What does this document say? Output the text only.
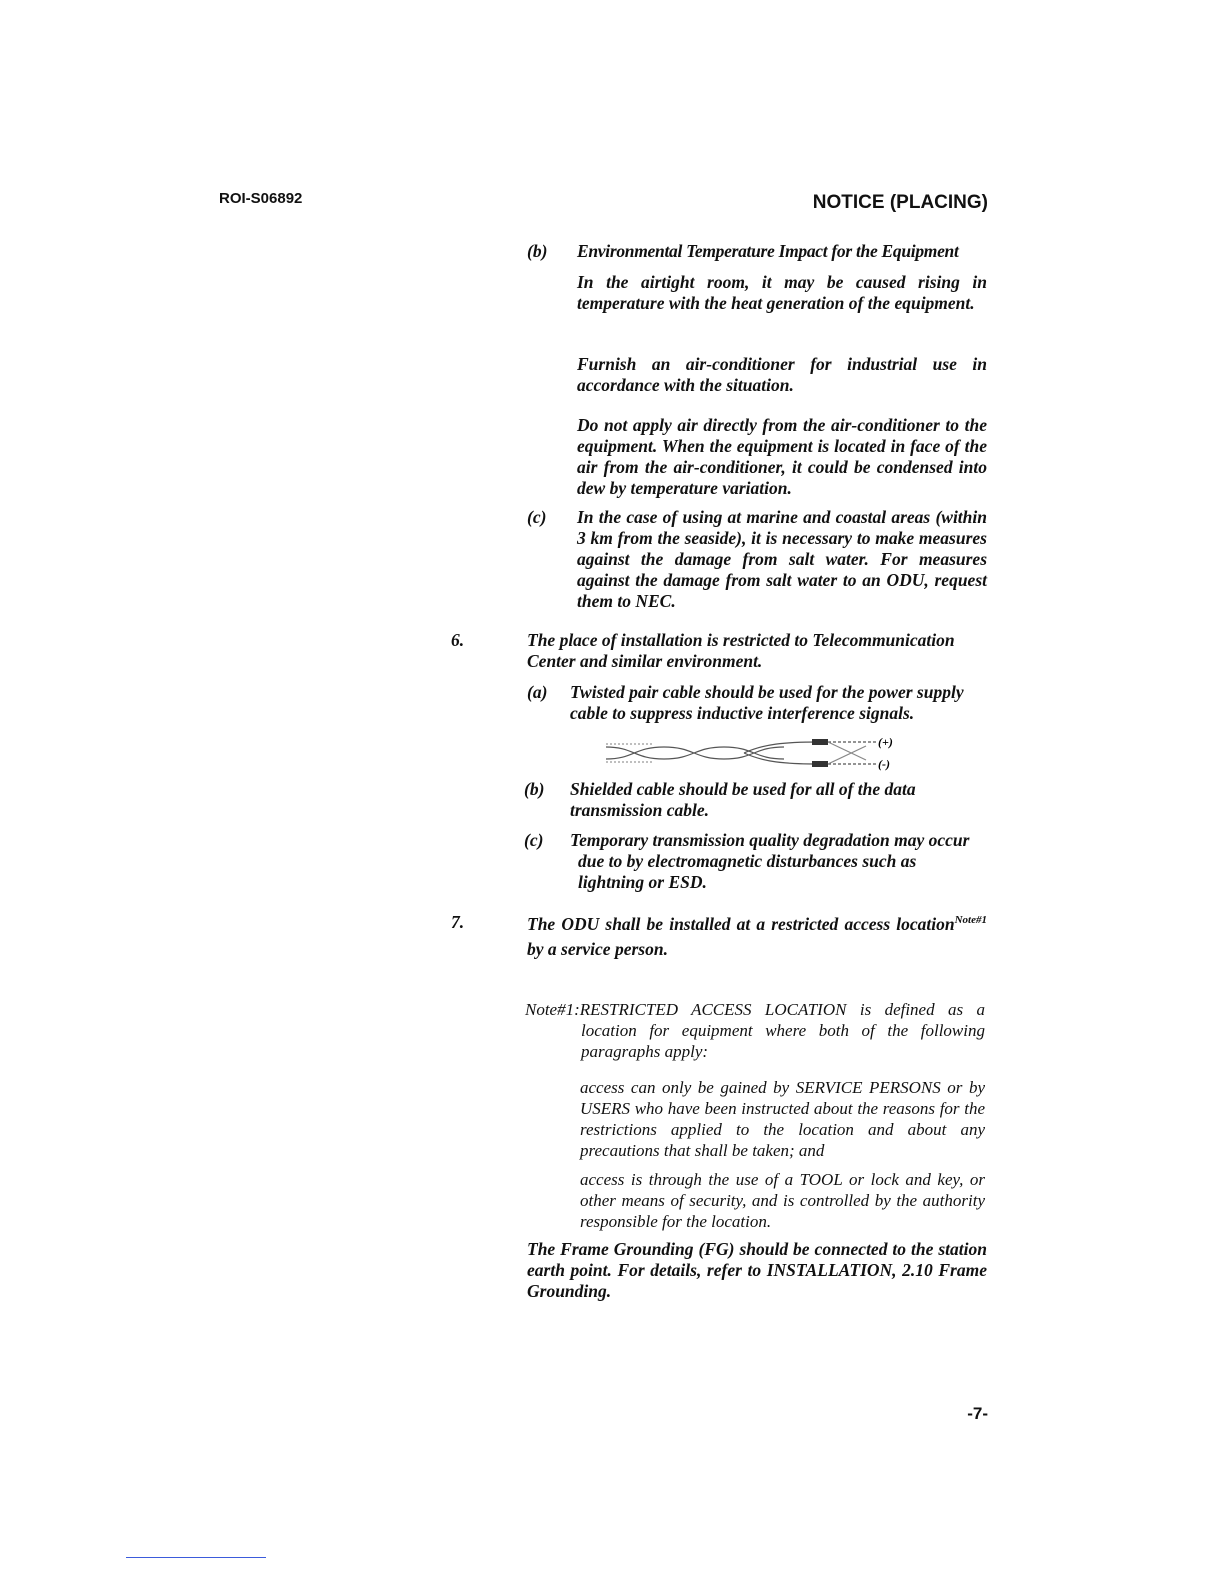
ROI-S06892	NOTICE (PLACING)
(b) Environmental Temperature Impact for the Equipment
In the airtight room, it may be caused rising in temperature with the heat generation of the equipment.
Furnish an air-conditioner for industrial use in accordance with the situation.
Do not apply air directly from the air-conditioner to the equipment. When the equipment is located in face of the air from the air-conditioner, it could be condensed into dew by temperature variation.
(c) In the case of using at marine and coastal areas (within 3 km from the seaside), it is necessary to make measures against the damage from salt water. For measures against the damage from salt water to an ODU, request them to NEC.
6.	The place of installation is restricted to Telecommunication Center and similar environment.
(a) Twisted pair cable should be used for the power supply cable to suppress inductive interference signals.
(+)
(-)
(b) Shielded cable should be used for all of the data transmission cable.
(c) Temporary transmission quality degradation may occur due to by electromagnetic disturbances such as lightning or ESD.
7.	The ODU shall be installed at a restricted access location$^{Note\#1}$ by a service person.
Note#1:RESTRICTED ACCESS LOCATION is defined as a location for equipment where both of the following paragraphs apply:
access can only be gained by SERVICE PERSONS or by USERS who have been instructed about the reasons for the restrictions applied to the location and about any precautions that shall be taken; and
access is through the use of a TOOL or lock and key, or other means of security, and is controlled by the authority responsible for the location.
The Frame Grounding (FG) should be connected to the station earth point. For details, refer to INSTALLATION, 2.10 Frame Grounding.
-7-
